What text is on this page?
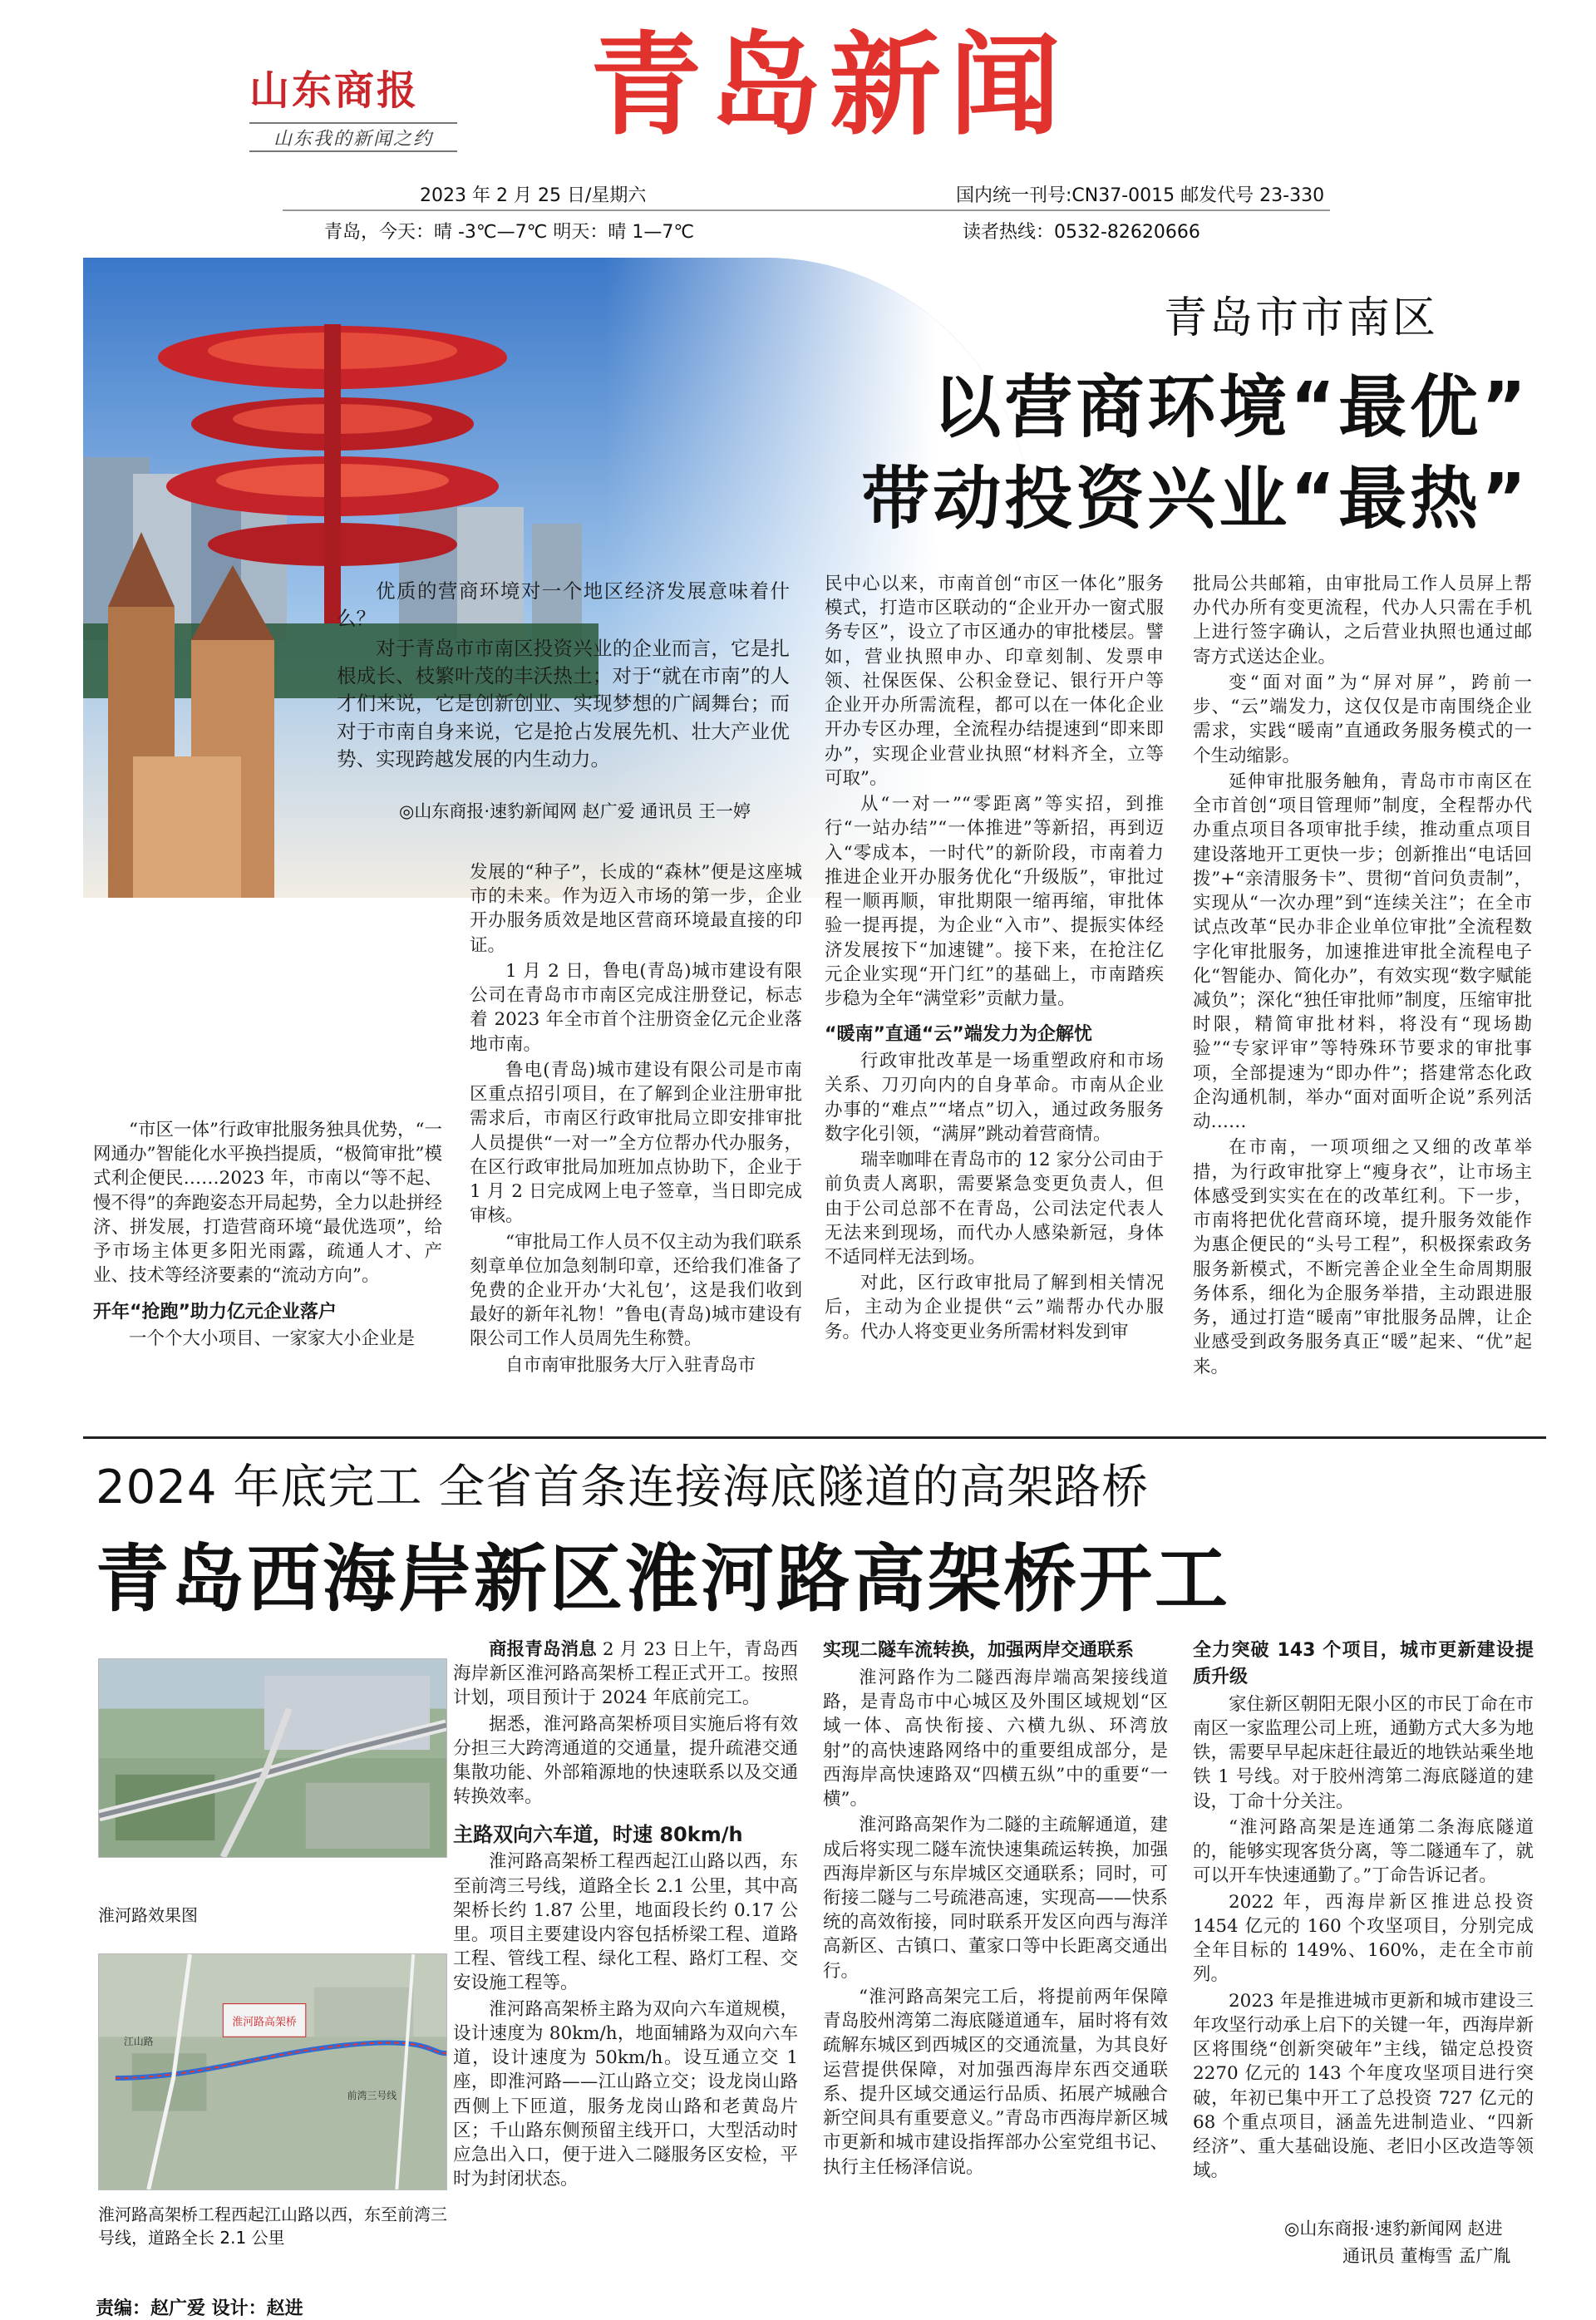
山东商报
山东我的新闻之约 青岛新闻
2023 年 2 月 25 日/星期六	国内统一刊号:CN37-0015 邮发代号 23-330
青岛，今天：晴 -3℃—7℃ 明天：晴 1—7℃	读者热线：0532-82620666
青岛市市南区
以营商环境“最优”
带动投资兴业“最热”

优质的营商环境对一个地区经济发展意味着什么？

对于青岛市市南区投资兴业的企业而言，它是扎根成长、枝繁叶茂的丰沃热土；对于“就在市南”的人才们来说，它是创新创业、实现梦想的广阔舞台；而对于市南自身来说，它是抢占发展先机、壮大产业优势、实现跨越发展的内生动力。

◎山东商报·速豹新闻网 赵广爱 通讯员 王一婷

“市区一体”行政审批服务独具优势，“一网通办”智能化水平换挡提质，“极简审批”模式利企便民……2023 年，市南以“等不起、慢不得”的奔跑姿态开局起势，全力以赴拼经济、拼发展，打造营商环境“最优选项”，给予市场主体更多阳光雨露，疏通人才、产业、技术等经济要素的“流动方向”。

开年“抢跑”助力亿元企业落户

一个个大小项目、一家家大小企业是

发展的“种子”，长成的“森林”便是这座城市的未来。作为迈入市场的第一步，企业开办服务质效是地区营商环境最直接的印证。

1 月 2 日，鲁电(青岛)城市建设有限公司在青岛市市南区完成注册登记，标志着 2023 年全市首个注册资金亿元企业落地市南。

鲁电(青岛)城市建设有限公司是市南区重点招引项目，在了解到企业注册审批需求后，市南区行政审批局立即安排审批人员提供“一对一”全方位帮办代办服务，在区行政审批局加班加点协助下，企业于 1 月 2 日完成网上电子签章，当日即完成审核。

“审批局工作人员不仅主动为我们联系刻章单位加急刻制印章，还给我们准备了免费的企业开办‘大礼包’，这是我们收到最好的新年礼物！”鲁电(青岛)城市建设有限公司工作人员周先生称赞。

自市南审批服务大厅入驻青岛市

民中心以来，市南首创“市区一体化”服务模式，打造市区联动的“企业开办一窗式服务专区”，设立了市区通办的审批楼层。譬如，营业执照申办、印章刻制、发票申领、社保医保、公积金登记、银行开户等企业开办所需流程，都可以在一体化企业开办专区办理，全流程办结提速到“即来即办”，实现企业营业执照“材料齐全，立等可取”。

从“一对一”“零距离”等实招，到推行“一站办结”“一体推进”等新招，再到迈入“零成本，一时代”的新阶段，市南着力推进企业开办服务优化“升级版”，审批过程一顺再顺，审批期限一缩再缩，审批体验一提再提，为企业“入市”、提振实体经济发展按下“加速键”。接下来，在抢注亿元企业实现“开门红”的基础上，市南踏疾步稳为全年“满堂彩”贡献力量。

“暖南”直通“云”端发力为企解忧

行政审批改革是一场重塑政府和市场关系、刀刃向内的自身革命。市南从企业办事的“难点”“堵点”切入，通过政务服务数字化引领，“满屏”跳动着营商情。

瑞幸咖啡在青岛市的 12 家分公司由于前负责人离职，需要紧急变更负责人，但由于公司总部不在青岛，公司法定代表人无法来到现场，而代办人感染新冠，身体不适同样无法到场。

对此，区行政审批局了解到相关情况后，主动为企业提供“云”端帮办代办服务。代办人将变更业务所需材料发到审

批局公共邮箱，由审批局工作人员屏上帮办代办所有变更流程，代办人只需在手机上进行签字确认，之后营业执照也通过邮寄方式送达企业。

变“面对面”为“屏对屏”，跨前一步、“云”端发力，这仅仅是市南围绕企业需求，实践“暖南”直通政务服务模式的一个生动缩影。

延伸审批服务触角，青岛市市南区在全市首创“项目管理师”制度，全程帮办代办重点项目各项审批手续，推动重点项目建设落地开工更快一步；创新推出“电话回拨”+“亲清服务卡”、贯彻“首问负责制”，实现从“一次办理”到“连续关注”；在全市试点改革“民办非企业单位审批”全流程数字化审批服务，加速推进审批全流程电子化“智能办、简化办”，有效实现“数字赋能减负”；深化“独任审批师”制度，压缩审批时限，精简审批材料，将没有“现场勘验”“专家评审”等特殊环节要求的审批事项，全部提速为“即办件”；搭建常态化政企沟通机制，举办“面对面听企说”系列活动……

在市南，一项项细之又细的改革举措，为行政审批穿上“瘦身衣”，让市场主体感受到实实在在的改革红利。下一步，市南将把优化营商环境，提升服务效能作为惠企便民的“头号工程”，积极探索政务服务新模式，不断完善企业全生命周期服务体系，细化为企服务举措，主动跟进服务，通过打造“暖南”审批服务品牌，让企业感受到政务服务真正“暖”起来、“优”起来。

2024 年底完工 全省首条连接海底隧道的高架路桥
青岛西海岸新区淮河路高架桥开工
淮河路效果图
淮河路高架桥
江山路
前湾三号线
淮河路高架桥工程西起江山路以西，东至前湾三号线，道路全长 2.1 公里

商报青岛消息 2 月 23 日上午，青岛西海岸新区淮河路高架桥工程正式开工。按照计划，项目预计于 2024 年底前完工。

据悉，淮河路高架桥项目实施后将有效分担三大跨湾通道的交通量，提升疏港交通集散功能、外部箱源地的快速联系以及交通转换效率。

主路双向六车道，时速 80km/h

淮河路高架桥工程西起江山路以西，东至前湾三号线，道路全长 2.1 公里，其中高架桥长约 1.87 公里，地面段长约 0.17 公里。项目主要建设内容包括桥梁工程、道路工程、管线工程、绿化工程、路灯工程、交安设施工程等。

淮河路高架桥主路为双向六车道规模，设计速度为 80km/h，地面辅路为双向六车道，设计速度为 50km/h。设互通立交 1 座，即淮河路——江山路立交；设龙岗山路西侧上下匝道，服务龙岗山路和老黄岛片区；千山路东侧预留主线开口，大型活动时应急出入口，便于进入二隧服务区安检，平时为封闭状态。

实现二隧车流转换，加强两岸交通联系

淮河路作为二隧西海岸端高架接线道路，是青岛市中心城区及外围区域规划“区域一体、高快衔接、六横九纵、环湾放射”的高快速路网络中的重要组成部分，是西海岸高快速路双“四横五纵”中的重要“一横”。

淮河路高架作为二隧的主疏解通道，建成后将实现二隧车流快速集疏运转换，加强西海岸新区与东岸城区交通联系；同时，可衔接二隧与二号疏港高速，实现高——快系统的高效衔接，同时联系开发区向西与海洋高新区、古镇口、董家口等中长距离交通出行。

“淮河路高架完工后，将提前两年保障青岛胶州湾第二海底隧道通车，届时将有效疏解东城区到西城区的交通流量，为其良好运营提供保障，对加强西海岸东西交通联系、提升区域交通运行品质、拓展产城融合新空间具有重要意义。”青岛市西海岸新区城市更新和城市建设指挥部办公室党组书记、执行主任杨泽信说。

全力突破 143 个项目，城市更新建设提质升级

家住新区朝阳无限小区的市民丁命在市南区一家监理公司上班，通勤方式大多为地铁，需要早早起床赶往最近的地铁站乘坐地铁 1 号线。对于胶州湾第二海底隧道的建设，丁命十分关注。

“淮河路高架是连通第二条海底隧道的，能够实现客货分离，等二隧通车了，就可以开车快速通勤了。”丁命告诉记者。

2022 年，西海岸新区推进总投资 1454 亿元的 160 个攻坚项目，分别完成全年目标的 149%、160%，走在全市前列。

2023 年是推进城市更新和城市建设三年攻坚行动承上启下的关键一年，西海岸新区将围绕“创新突破年”主线，锚定总投资 2270 亿元的 143 个年度攻坚项目进行突破，年初已集中开工了总投资 727 亿元的 68 个重点项目，涵盖先进制造业、“四新经济”、重大基础设施、老旧小区改造等领域。

◎山东商报·速豹新闻网 赵进
通讯员 董梅雪 孟广胤
责编：赵广爱 设计：赵进
